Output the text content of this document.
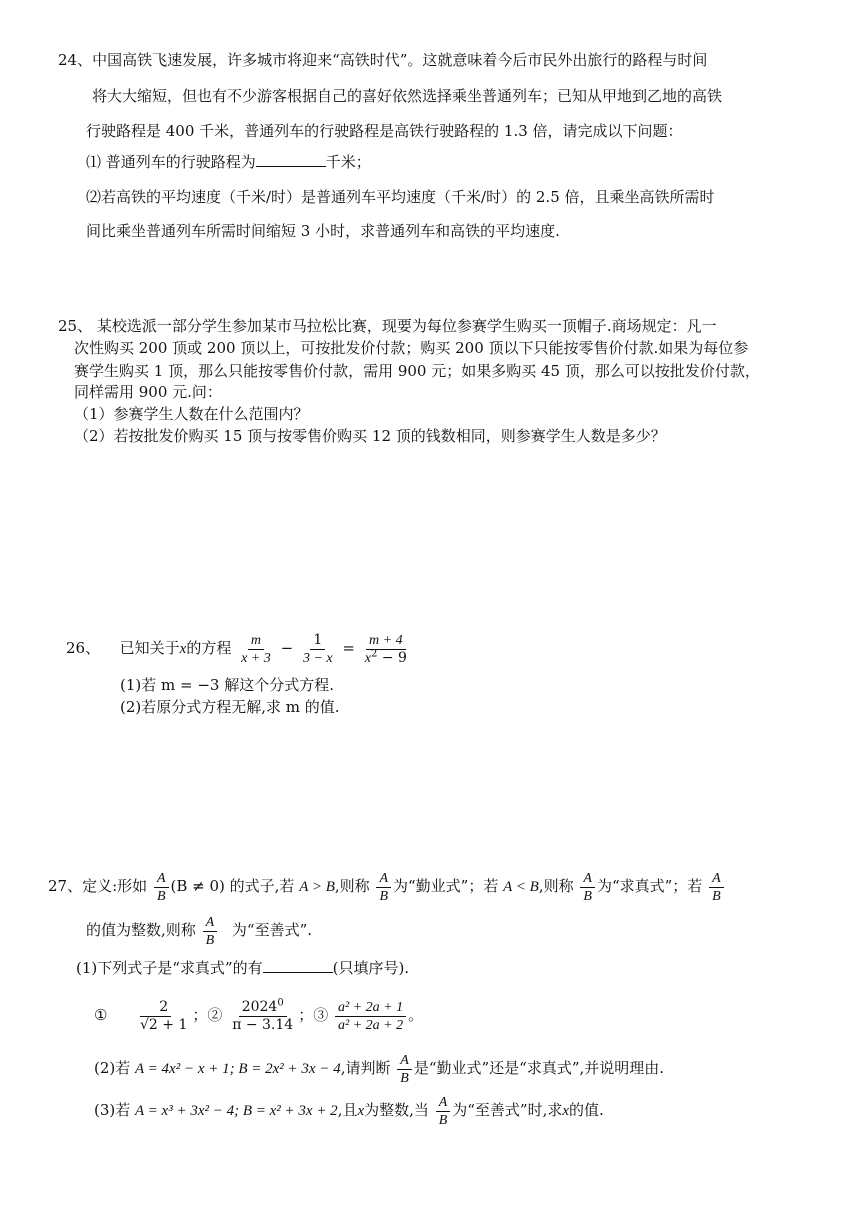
24、中国高铁飞速发展，许多城市将迎来“高铁时代”。这就意味着今后市民外出旅行的路程与时间
将大大缩短，但也有不少游客根据自己的喜好依然选择乘坐普通列车；已知从甲地到乙地的高铁
行驶路程是 400 千米，普通列车的行驶路程是高铁行驶路程的 1.3 倍，请完成以下问题：
⑴ 普通列车的行驶路程为	千米；
⑵若高铁的平均速度（千米/时）是普通列车平均速度（千米/时）的 2.5 倍，且乘坐高铁所需时
间比乘坐普通列车所需时间缩短 3 小时，求普通列车和高铁的平均速度.
25、 某校选派一部分学生参加某市马拉松比赛，现要为每位参赛学生购买一顶帽子.商场规定：凡一
次性购买 200 顶或 200 顶以上，可按批发价付款；购买 200 顶以下只能按零售价付款.如果为每位参
赛学生购买 1 顶，那么只能按零售价付款，需用 900 元；如果多购买 45 顶，那么可以按批发价付款，
同样需用 900 元.问：
（1）参赛学生人数在什么范围内？
（2）若按批发价购买 15 顶与按零售价购买 12 顶的钱数相同，则参赛学生人数是多少？
26、 已知关于x的方程 $\frac{m}{x + 3} - \frac{1}{3 - x} = \frac{m + 4}{x^2 - 9}$
(1)若 m = −3 解这个分式方程.
(2)若原分式方程无解,求 m 的值.
27、定义:形如 $\frac{A}{B} (B \ne 0)$ 的式子,若 A > B,则称 $\frac{A}{B}$ 为“勤业式”；若 A < B,则称 $\frac{A}{B}$ 为“求真式”；若 $\frac{A}{B}$
的值为整数,则称 $\frac{A}{B}$ 为“至善式”.
(1)下列式子是“求真式”的有	(只填序号).
① $\frac{2}{√2 + 1}$ ；② $\frac{2024^0}{\pi - 3.14}$ ；③ $\frac{\text{a² + 2a + 1}}{\text{a² + 2a + 2}}$ 。
(2)若 A = 4x² − x + 1; B = 2x² + 3x − 4,请判断 $\frac{A}{B}$ 是“勤业式”还是“求真式”,并说明理由.
(3)若 A = x³ + 3x² − 4; B = x² + 3x + 2,且x为整数,当 $\frac{A}{B}$ 为“至善式”时,求x的值.
